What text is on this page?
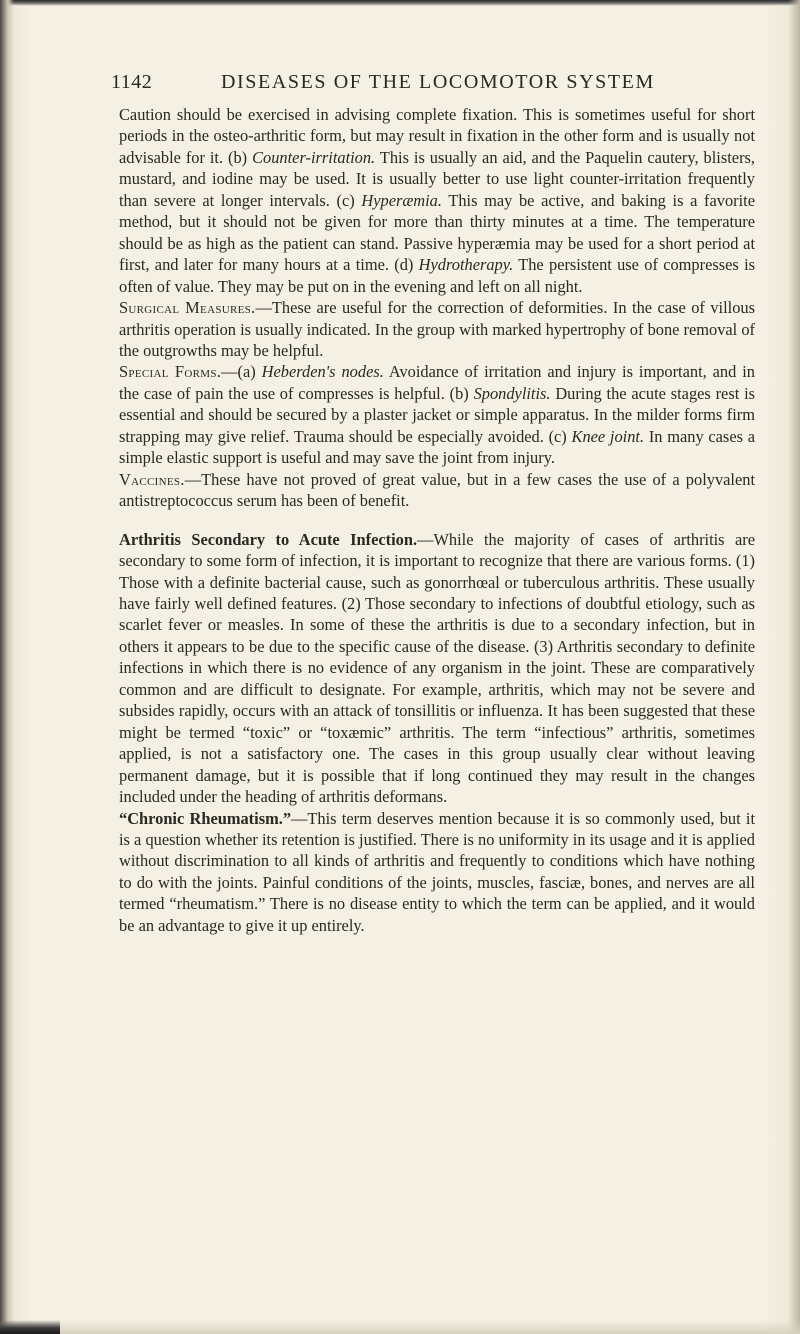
1142	DISEASES OF THE LOCOMOTOR SYSTEM

Caution should be exercised in advising complete fixation. This is sometimes useful for short periods in the osteo-arthritic form, but may result in fixation in the other form and is usually not advisable for it. (b) Counter-irritation. This is usually an aid, and the Paquelin cautery, blisters, mustard, and iodine may be used. It is usually better to use light counter-irritation frequently than severe at longer intervals. (c) Hyperæmia. This may be active, and baking is a favorite method, but it should not be given for more than thirty minutes at a time. The temperature should be as high as the patient can stand. Passive hyperæmia may be used for a short period at first, and later for many hours at a time. (d) Hydrotherapy. The persistent use of compresses is often of value. They may be put on in the evening and left on all night.

Surgical Measures.—These are useful for the correction of deformities. In the case of villous arthritis operation is usually indicated. In the group with marked hypertrophy of bone removal of the outgrowths may be helpful.

Special Forms.—(a) Heberden's nodes. Avoidance of irritation and injury is important, and in the case of pain the use of compresses is helpful. (b) Spondylitis. During the acute stages rest is essential and should be secured by a plaster jacket or simple apparatus. In the milder forms firm strapping may give relief. Trauma should be especially avoided. (c) Knee joint. In many cases a simple elastic support is useful and may save the joint from injury.

Vaccines.—These have not proved of great value, but in a few cases the use of a polyvalent antistreptococcus serum has been of benefit.

Arthritis Secondary to Acute Infection.—While the majority of cases of arthritis are secondary to some form of infection, it is important to recognize that there are various forms. (1) Those with a definite bacterial cause, such as gonorrhœal or tuberculous arthritis. These usually have fairly well defined features. (2) Those secondary to infections of doubtful etiology, such as scarlet fever or measles. In some of these the arthritis is due to a secondary infection, but in others it appears to be due to the specific cause of the disease. (3) Arthritis secondary to definite infections in which there is no evidence of any organism in the joint. These are comparatively common and are difficult to designate. For example, arthritis, which may not be severe and subsides rapidly, occurs with an attack of tonsillitis or influenza. It has been suggested that these might be termed “toxic” or “toxæmic” arthritis. The term “infectious” arthritis, sometimes applied, is not a satisfactory one. The cases in this group usually clear without leaving permanent damage, but it is possible that if long continued they may result in the changes included under the heading of arthritis deformans.

“Chronic Rheumatism.”—This term deserves mention because it is so commonly used, but it is a question whether its retention is justified. There is no uniformity in its usage and it is applied without discrimination to all kinds of arthritis and frequently to conditions which have nothing to do with the joints. Painful conditions of the joints, muscles, fasciæ, bones, and nerves are all termed “rheumatism.” There is no disease entity to which the term can be applied, and it would be an advantage to give it up entirely.
